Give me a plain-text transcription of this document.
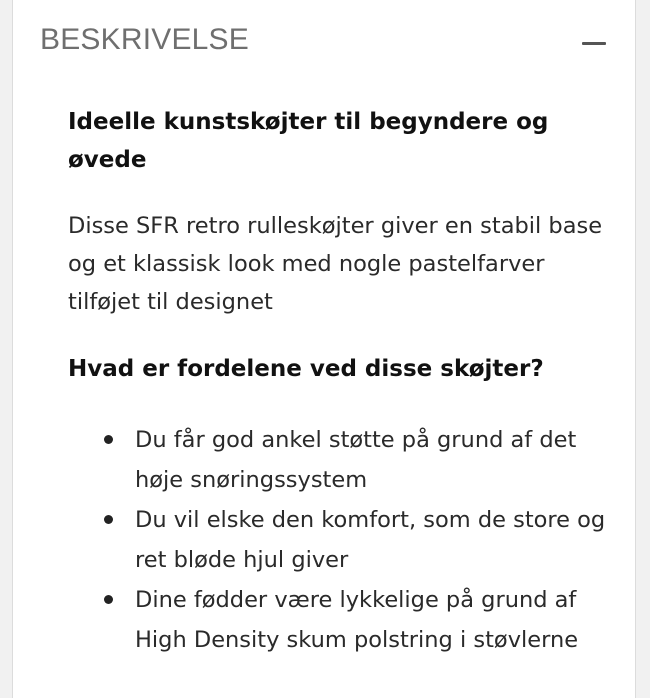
BESKRIVELSE
Ideelle kunstskøjter til begyndere og øvede

Disse SFR retro rulleskøjter giver en stabil base og et klassisk look med nogle pastelfarver tilføjet til designet

Hvad er fordelene ved disse skøjter?
Du får god ankel støtte på grund af det høje snøringssystem
Du vil elske den komfort, som de store og ret bløde hjul giver
Dine fødder være lykkelige på grund af High Density skum polstring i støvlerne
